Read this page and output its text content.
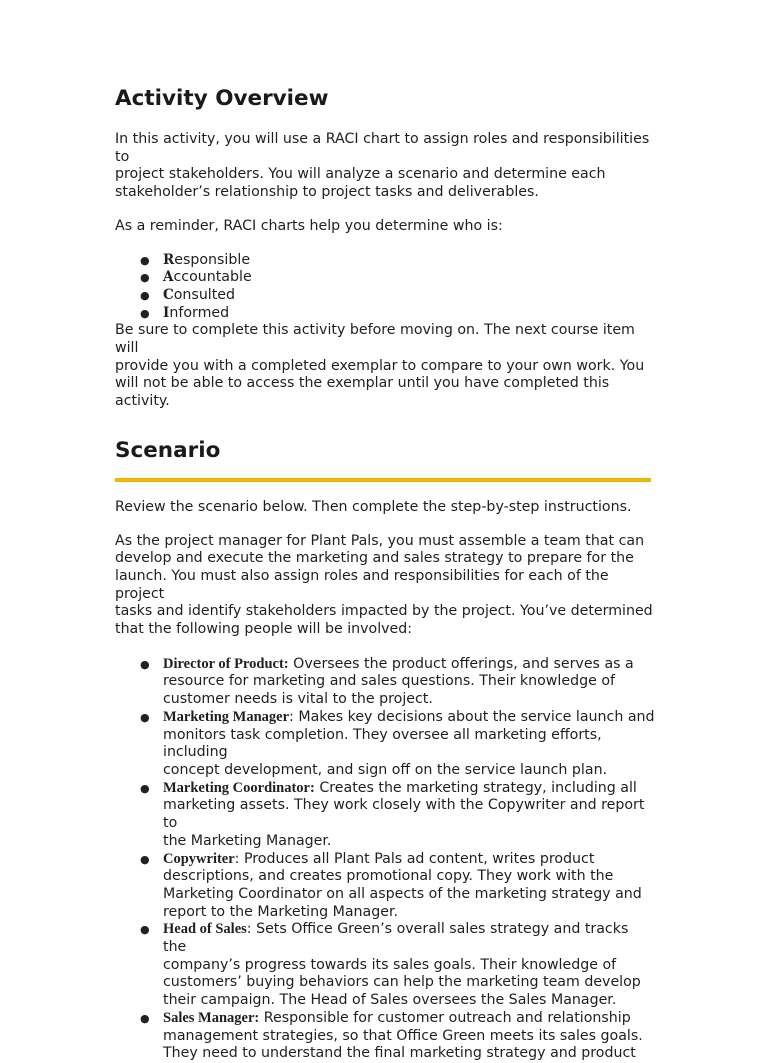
Activity Overview

In this activity, you will use a RACI chart to assign roles and responsibilities to
project stakeholders. You will analyze a scenario and determine each
stakeholder’s relationship to project tasks and deliverables.

As a reminder, RACI charts help you determine who is:

● Responsible
● Accountable
● Consulted
● Informed

Be sure to complete this activity before moving on. The next course item will
provide you with a completed exemplar to compare to your own work. You
will not be able to access the exemplar until you have completed this activity.

Scenario

Review the scenario below. Then complete the step-by-step instructions.

As the project manager for Plant Pals, you must assemble a team that can
develop and execute the marketing and sales strategy to prepare for the
launch. You must also assign roles and responsibilities for each of the project
tasks and identify stakeholders impacted by the project. You’ve determined
that the following people will be involved:

● Director of Product: Oversees the product offerings, and serves as a
resource for marketing and sales questions. Their knowledge of
customer needs is vital to the project.
● Marketing Manager: Makes key decisions about the service launch and
monitors task completion. They oversee all marketing efforts, including
concept development, and sign off on the service launch plan.
● Marketing Coordinator: Creates the marketing strategy, including all
marketing assets. They work closely with the Copywriter and report to
the Marketing Manager.
● Copywriter: Produces all Plant Pals ad content, writes product
descriptions, and creates promotional copy. They work with the
Marketing Coordinator on all aspects of the marketing strategy and
report to the Marketing Manager.
● Head of Sales: Sets Office Green’s overall sales strategy and tracks the
company’s progress towards its sales goals. Their knowledge of
customers’ buying behaviors can help the marketing team develop
their campaign. The Head of Sales oversees the Sales Manager.
● Sales Manager: Responsible for customer outreach and relationship
management strategies, so that Office Green meets its sales goals.
They need to understand the final marketing strategy and product
